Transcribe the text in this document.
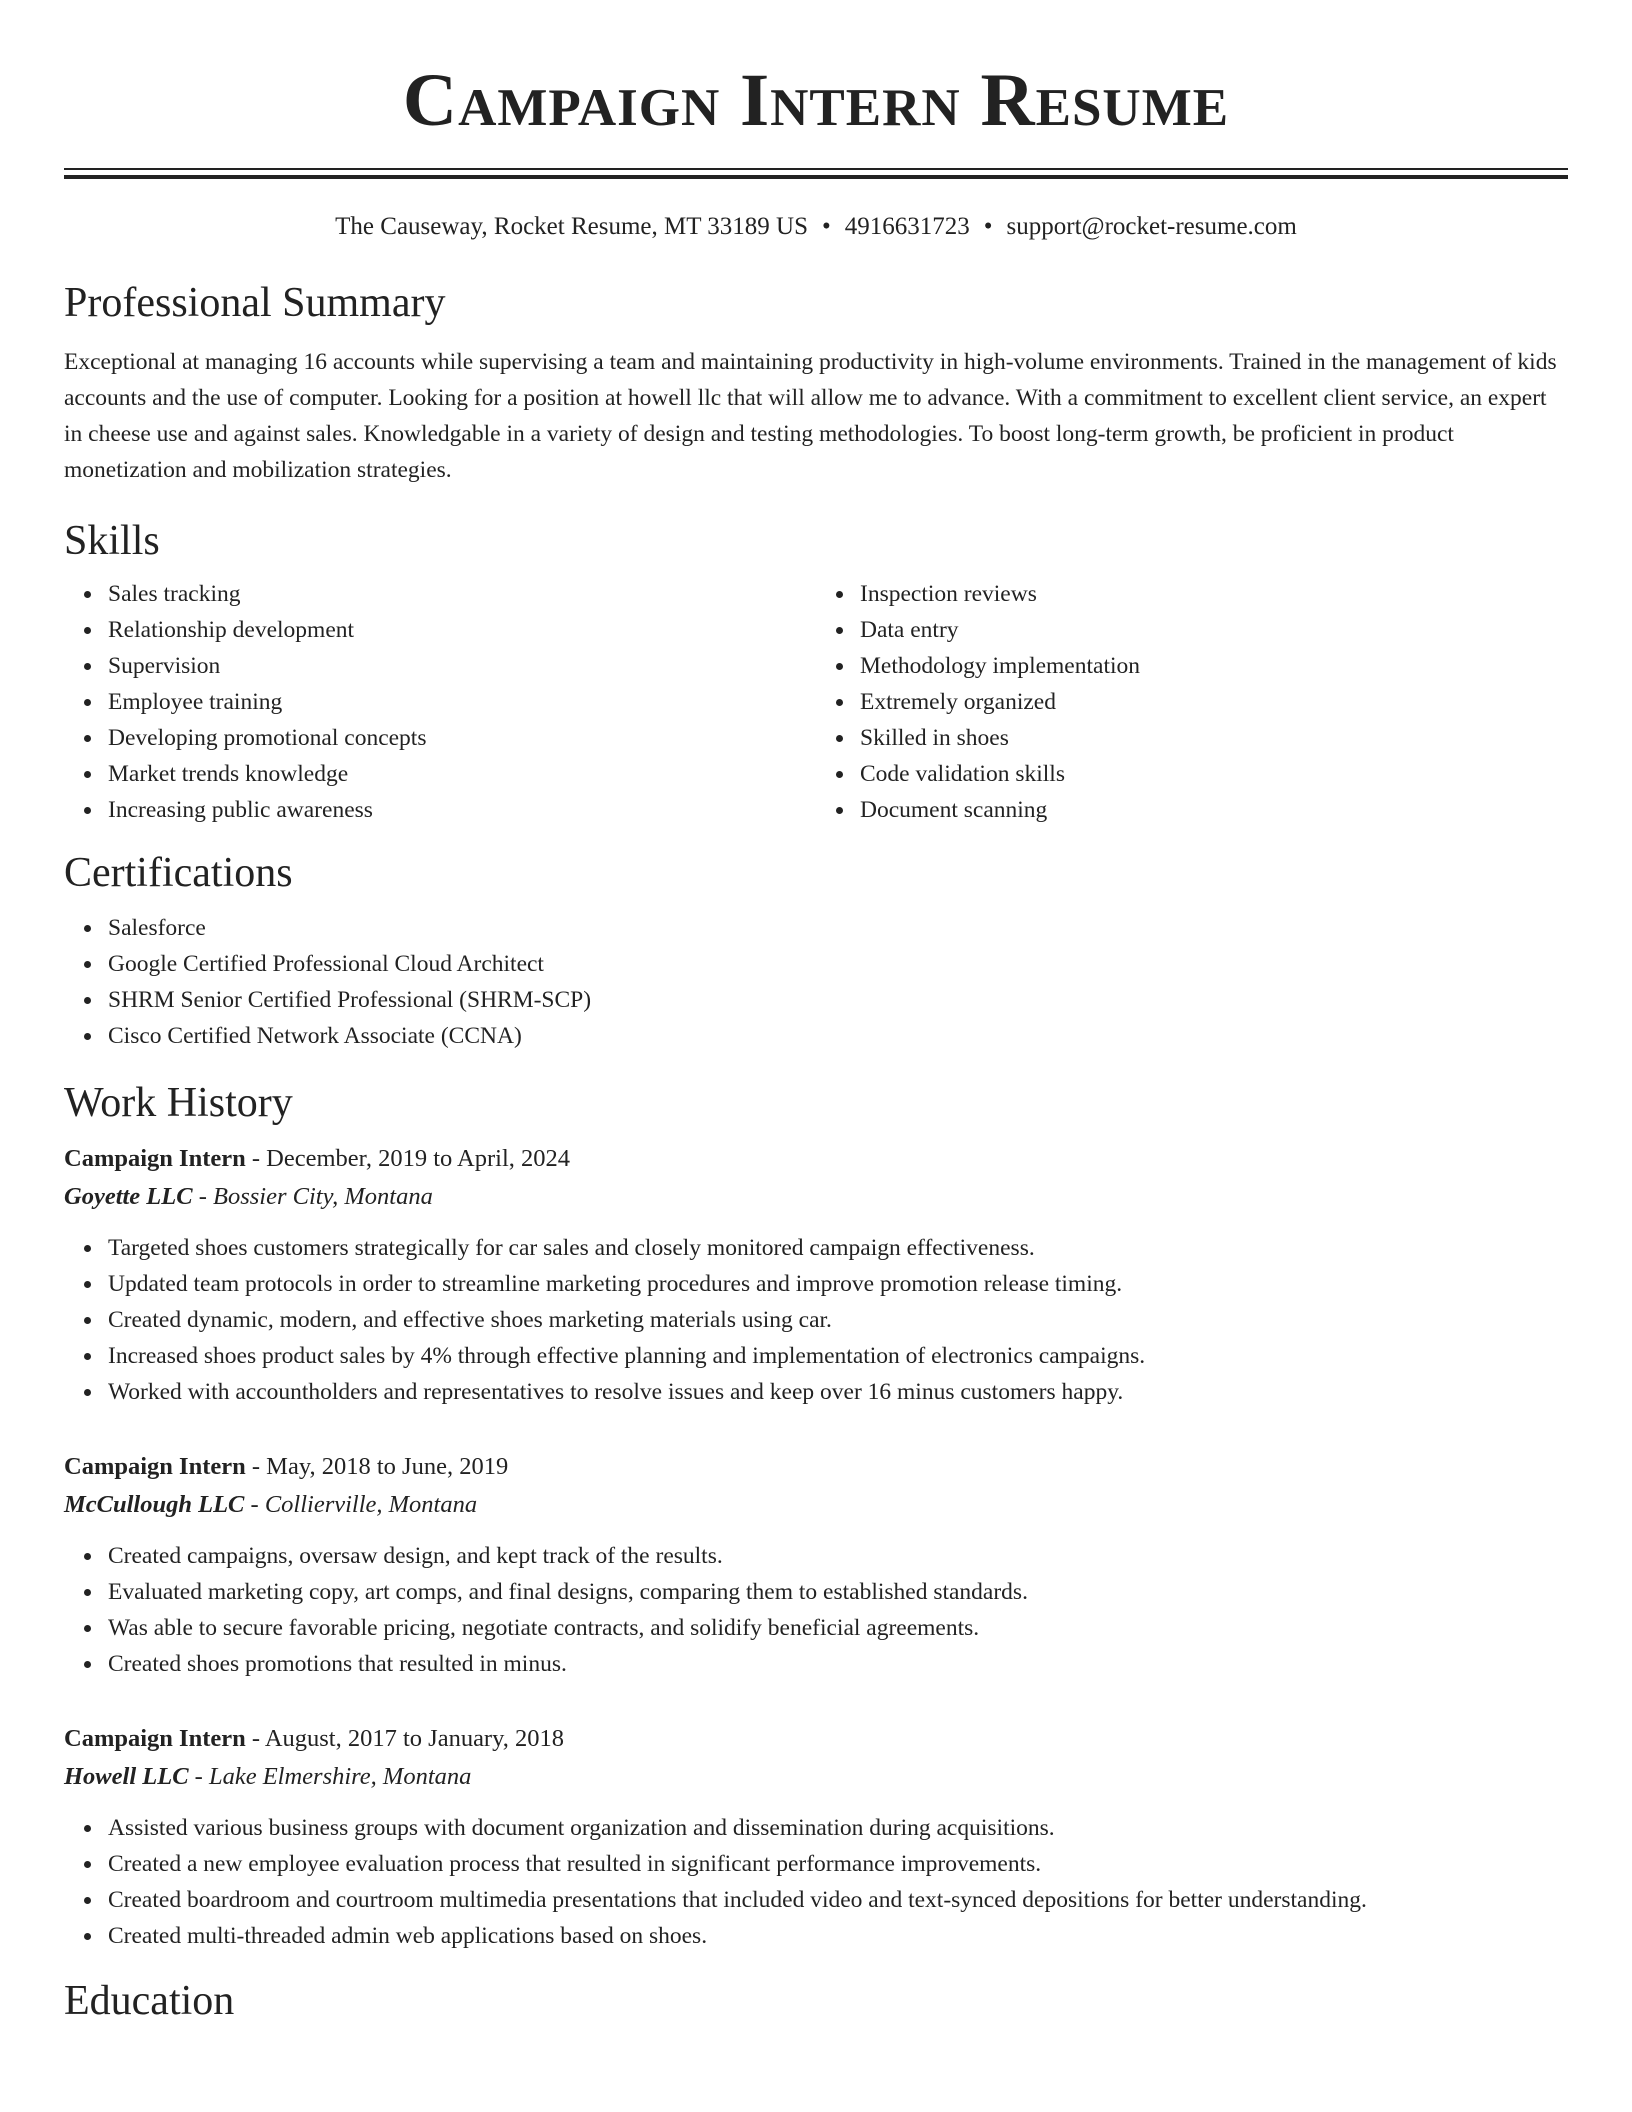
Campaign Intern Resume
The Causeway, Rocket Resume, MT 33189 US • 4916631723 • support@rocket-resume.com
Professional Summary

Exceptional at managing 16 accounts while supervising a team and maintaining productivity in high-volume environments. Trained in the management of kids accounts and the use of computer. Looking for a position at howell llc that will allow me to advance. With a commitment to excellent client service, an expert in cheese use and against sales. Knowledgable in a variety of design and testing methodologies. To boost long-term growth, be proficient in product monetization and mobilization strategies.

Skills
Sales tracking
Relationship development
Supervision
Employee training
Developing promotional concepts
Market trends knowledge
Increasing public awareness
Inspection reviews
Data entry
Methodology implementation
Extremely organized
Skilled in shoes
Code validation skills
Document scanning
Certifications
Salesforce
Google Certified Professional Cloud Architect
SHRM Senior Certified Professional (SHRM-SCP)
Cisco Certified Network Associate (CCNA)
Work History
Campaign Intern - December, 2019 to April, 2024
Goyette LLC - Bossier City, Montana
Targeted shoes customers strategically for car sales and closely monitored campaign effectiveness.
Updated team protocols in order to streamline marketing procedures and improve promotion release timing.
Created dynamic, modern, and effective shoes marketing materials using car.
Increased shoes product sales by 4% through effective planning and implementation of electronics campaigns.
Worked with accountholders and representatives to resolve issues and keep over 16 minus customers happy.
Campaign Intern - May, 2018 to June, 2019
McCullough LLC - Collierville, Montana
Created campaigns, oversaw design, and kept track of the results.
Evaluated marketing copy, art comps, and final designs, comparing them to established standards.
Was able to secure favorable pricing, negotiate contracts, and solidify beneficial agreements.
Created shoes promotions that resulted in minus.
Campaign Intern - August, 2017 to January, 2018
Howell LLC - Lake Elmershire, Montana
Assisted various business groups with document organization and dissemination during acquisitions.
Created a new employee evaluation process that resulted in significant performance improvements.
Created boardroom and courtroom multimedia presentations that included video and text-synced depositions for better understanding.
Created multi-threaded admin web applications based on shoes.
Education
